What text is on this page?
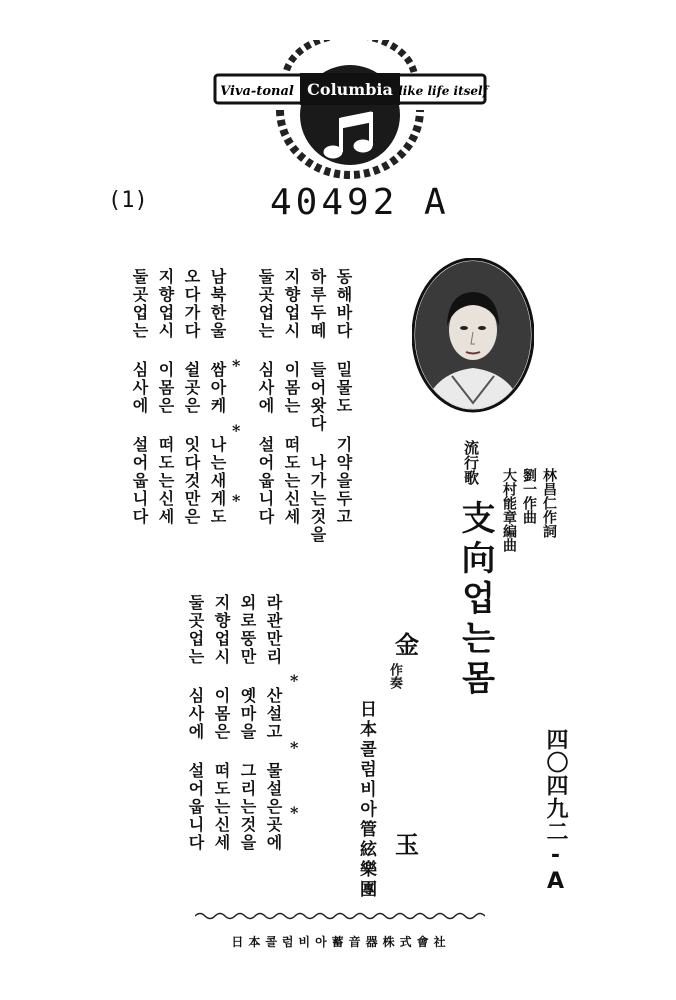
Viva-tonal Columbia like life itself
(1)	40492 A
동해바다 밀물도 기약을두고
하루두떼 들어왓다 나가는것을
지향업시 이몸는 떠도는신세
둘곳업는 심사에 설어웁니다
*
*
*
남북한울 쌈아케 나는새게도
오다가다 쉴곳은 잇다것만은
지향업시 이몸은 떠도는신세
둘곳업는 심사에 설어웁니다
*
*
*
라관만리 산설고 물설은곳에
외로뚱만 옛마을 그리는것을
지향업시 이몸은 떠도는신세
둘곳업는 심사에 설어웁니다
流行歌
支向업는몸	林昌仁作詞
劉一作曲
大村能章編曲
金
玉
作奏
日本콜럼비아管絃樂團	四〇四九二-A
日本콜럼비아蓄音器株式會社
